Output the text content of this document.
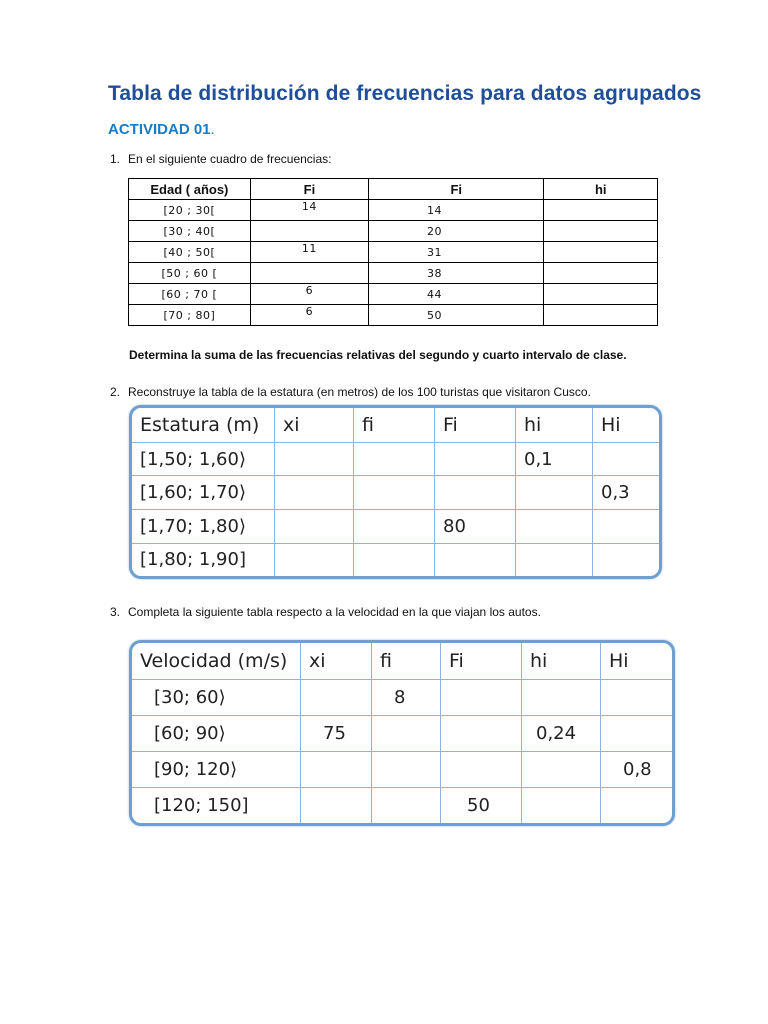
Tabla de distribución de frecuencias para datos agrupados
ACTIVIDAD 01.
1. En el siguiente cuadro de frecuencias:
Edad ( años)	Fi	Fi	hi
[20 ; 30[	14	14	
[30 ; 40[		20	
[40 ; 50[	11	31	
[50 ; 60 [		38	
[60 ; 70 [	6	44	
[70 ; 80]	6	50	
Determina la suma de las frecuencias relativas del segundo y cuarto intervalo de clase.
2. Reconstruye la tabla de la estatura (en metros) de los 100 turistas que visitaron Cusco.
Estatura (m)	xi	fi	Fi	hi	Hi
[1,50; 1,60⟩				0,1	
[1,60; 1,70⟩					0,3
[1,70; 1,80⟩			80		
[1,80; 1,90]					
3. Completa la siguiente tabla respecto a la velocidad en la que viajan los autos.
Velocidad (m/s)	xi	fi	Fi	hi	Hi
[30; 60⟩		8			
[60; 90⟩	75			0,24	
[90; 120⟩					0,8
[120; 150]			50		
